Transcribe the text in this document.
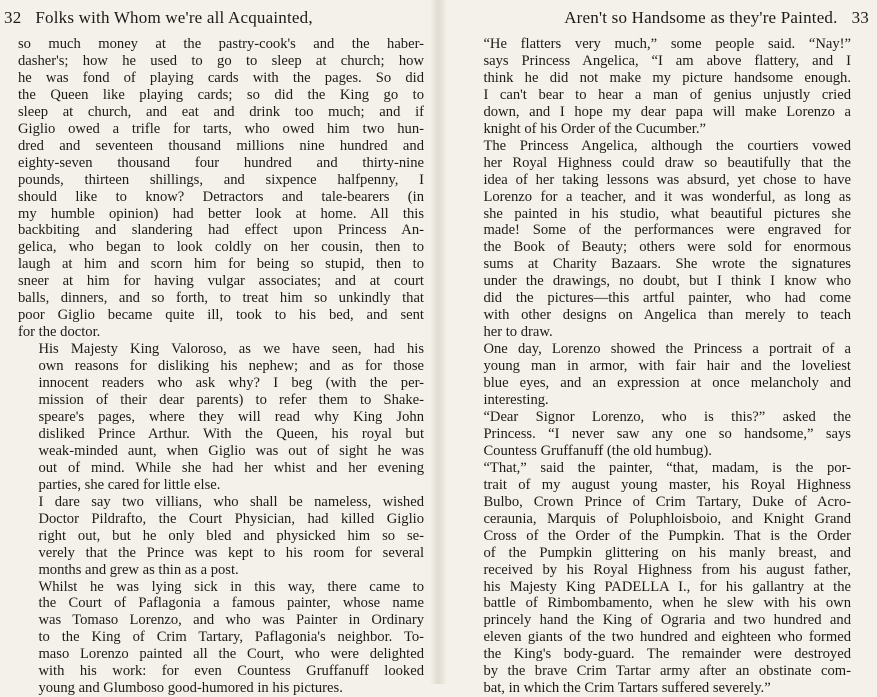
32 Folks with Whom we're all Acquainted,

so much money at the pastry-cook's and the haber-
dasher's; how he used to go to sleep at church; how
he was fond of playing cards with the pages. So did
the Queen like playing cards; so did the King go to
sleep at church, and eat and drink too much; and if
Giglio owed a trifle for tarts, who owed him two hun-
dred and seventeen thousand millions nine hundred and
eighty-seven thousand four hundred and thirty-nine
pounds, thirteen shillings, and sixpence halfpenny, I
should like to know? Detractors and tale-bearers (in
my humble opinion) had better look at home. All this
backbiting and slandering had effect upon Princess An-
gelica, who began to look coldly on her cousin, then to
laugh at him and scorn him for being so stupid, then to
sneer at him for having vulgar associates; and at court
balls, dinners, and so forth, to treat him so unkindly that
poor Giglio became quite ill, took to his bed, and sent
for the doctor.

His Majesty King Valoroso, as we have seen, had his
own reasons for disliking his nephew; and as for those
innocent readers who ask why? I beg (with the per-
mission of their dear parents) to refer them to Shake-
speare's pages, where they will read why King John
disliked Prince Arthur. With the Queen, his royal but
weak-minded aunt, when Giglio was out of sight he was
out of mind. While she had her whist and her evening
parties, she cared for little else.

I dare say two villians, who shall be nameless, wished
Doctor Pildrafto, the Court Physician, had killed Giglio
right out, but he only bled and physicked him so se-
verely that the Prince was kept to his room for several
months and grew as thin as a post.

Whilst he was lying sick in this way, there came to
the Court of Paflagonia a famous painter, whose name
was Tomaso Lorenzo, and who was Painter in Ordinary
to the King of Crim Tartary, Paflagonia's neighbor. To-
maso Lorenzo painted all the Court, who were delighted
with his work: for even Countess Gruffanuff looked
young and Glumboso good-humored in his pictures.

Aren't so Handsome as they're Painted. 33

“He flatters very much,” some people said. “Nay!”
says Princess Angelica, “I am above flattery, and I
think he did not make my picture handsome enough.
I can't bear to hear a man of genius unjustly cried
down, and I hope my dear papa will make Lorenzo a
knight of his Order of the Cucumber.”

The Princess Angelica, although the courtiers vowed
her Royal Highness could draw so beautifully that the
idea of her taking lessons was absurd, yet chose to have
Lorenzo for a teacher, and it was wonderful, as long as
she painted in his studio, what beautiful pictures she
made! Some of the performances were engraved for
the Book of Beauty; others were sold for enormous
sums at Charity Bazaars. She wrote the signatures
under the drawings, no doubt, but I think I know who
did the pictures—this artful painter, who had come
with other designs on Angelica than merely to teach
her to draw.

One day, Lorenzo showed the Princess a portrait of a
young man in armor, with fair hair and the loveliest
blue eyes, and an expression at once melancholy and
interesting.

“Dear Signor Lorenzo, who is this?” asked the
Princess. “I never saw any one so handsome,” says
Countess Gruffanuff (the old humbug).

“That,” said the painter, “that, madam, is the por-
trait of my august young master, his Royal Highness
Bulbo, Crown Prince of Crim Tartary, Duke of Acro-
ceraunia, Marquis of Poluphloisboio, and Knight Grand
Cross of the Order of the Pumpkin. That is the Order
of the Pumpkin glittering on his manly breast, and
received by his Royal Highness from his august father,
his Majesty King PADELLA I., for his gallantry at the
battle of Rimbombamento, when he slew with his own
princely hand the King of Ograria and two hundred and
eleven giants of the two hundred and eighteen who formed
the King's body-guard. The remainder were destroyed
by the brave Crim Tartar army after an obstinate com-
bat, in which the Crim Tartars suffered severely.”
